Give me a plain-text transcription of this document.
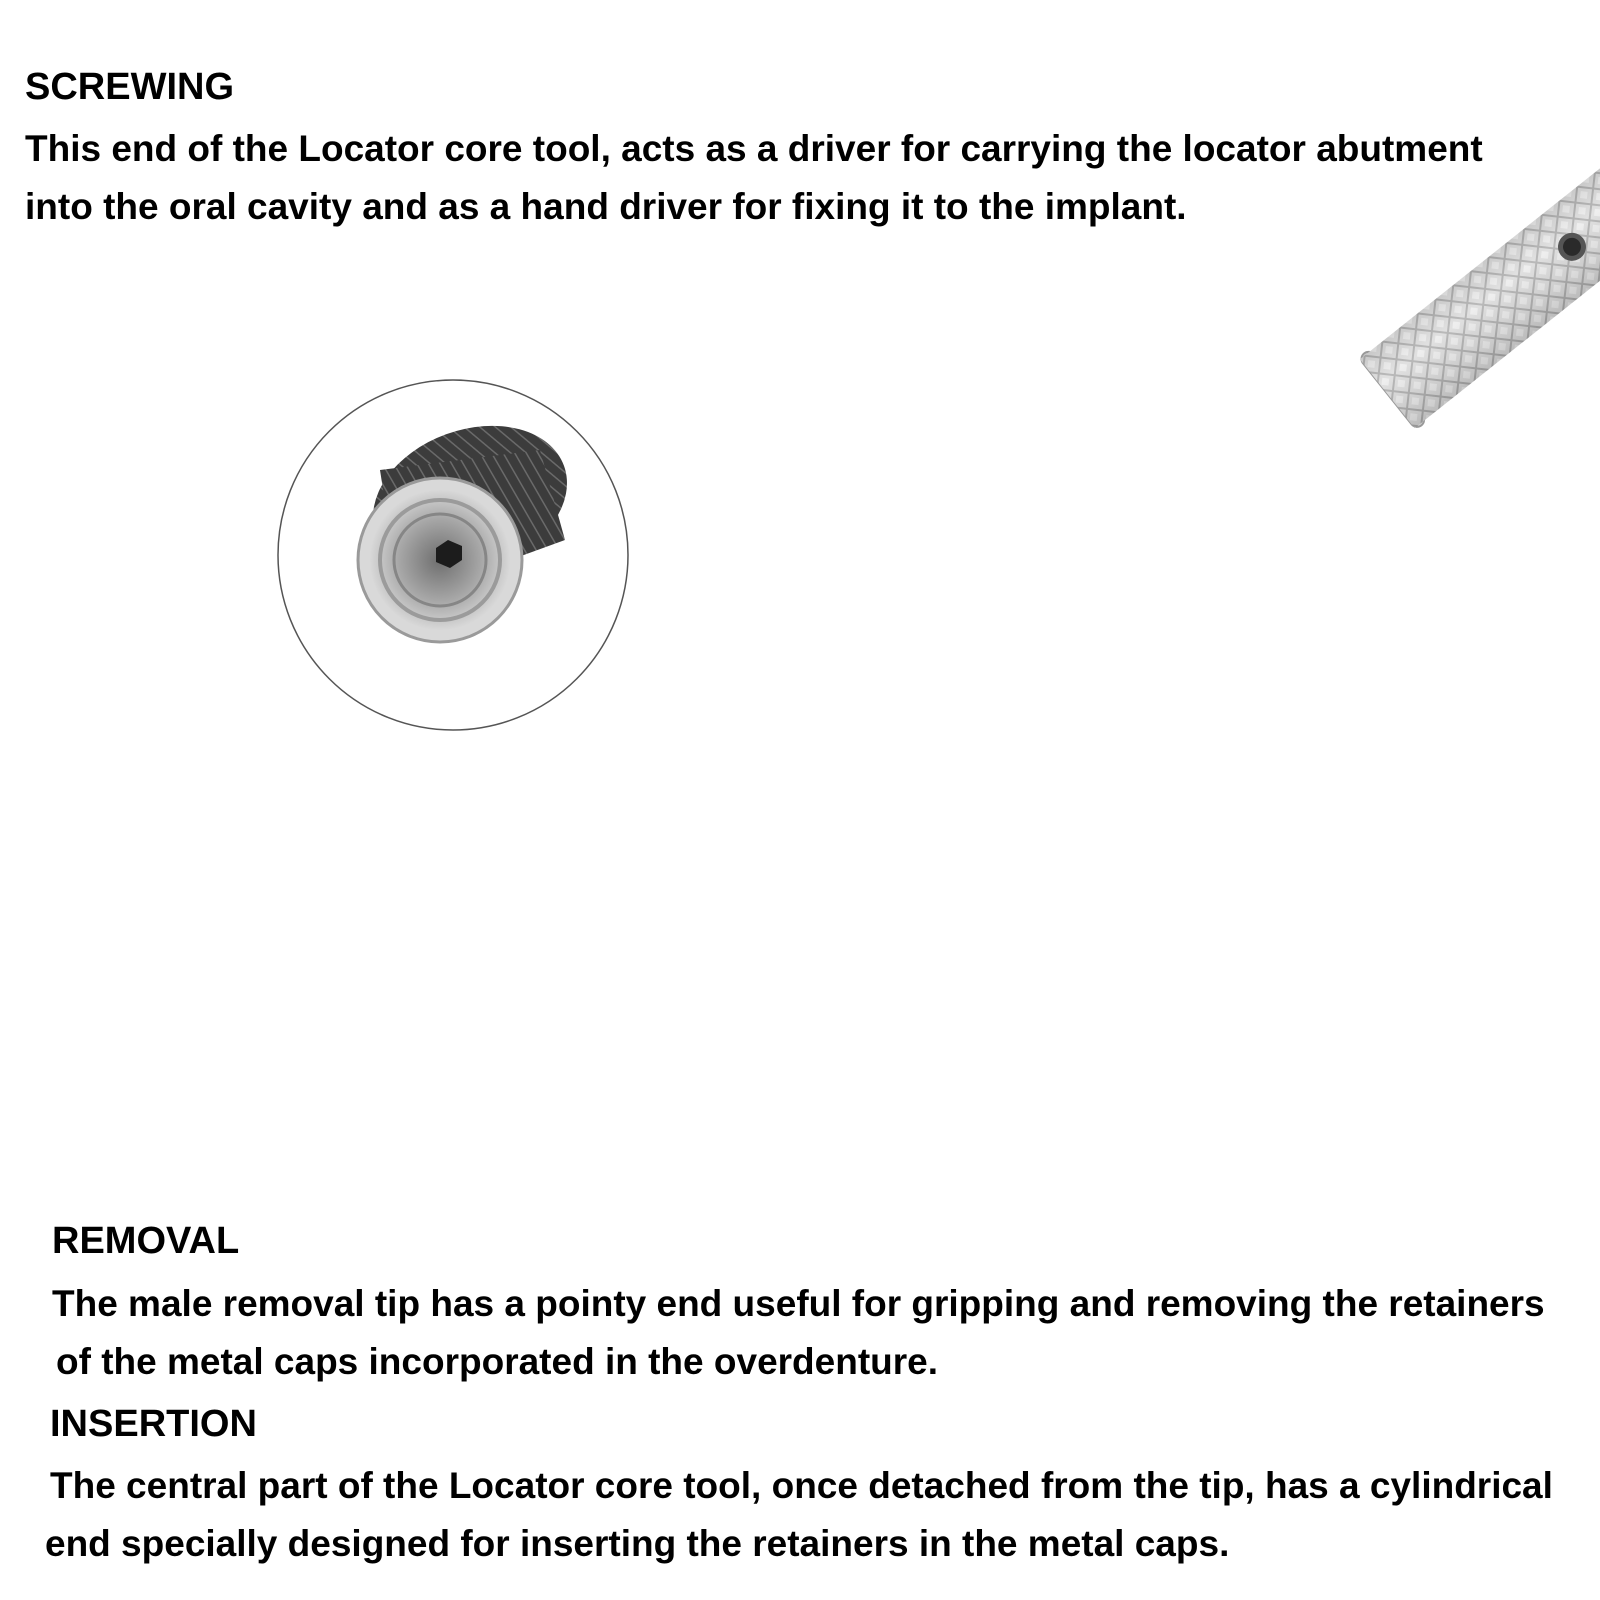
SCREWING

This end of the Locator core tool, acts as a driver for carrying the locator abutment

into the oral cavity and as a hand driver for fixing it to the implant.

REMOVAL

The male removal tip has a pointy end useful for gripping and removing the retainers

of the metal caps incorporated in the overdenture.

INSERTION

The central part of the Locator core tool, once detached from the tip, has a cylindrical

end specially designed for inserting the retainers in the metal caps.
